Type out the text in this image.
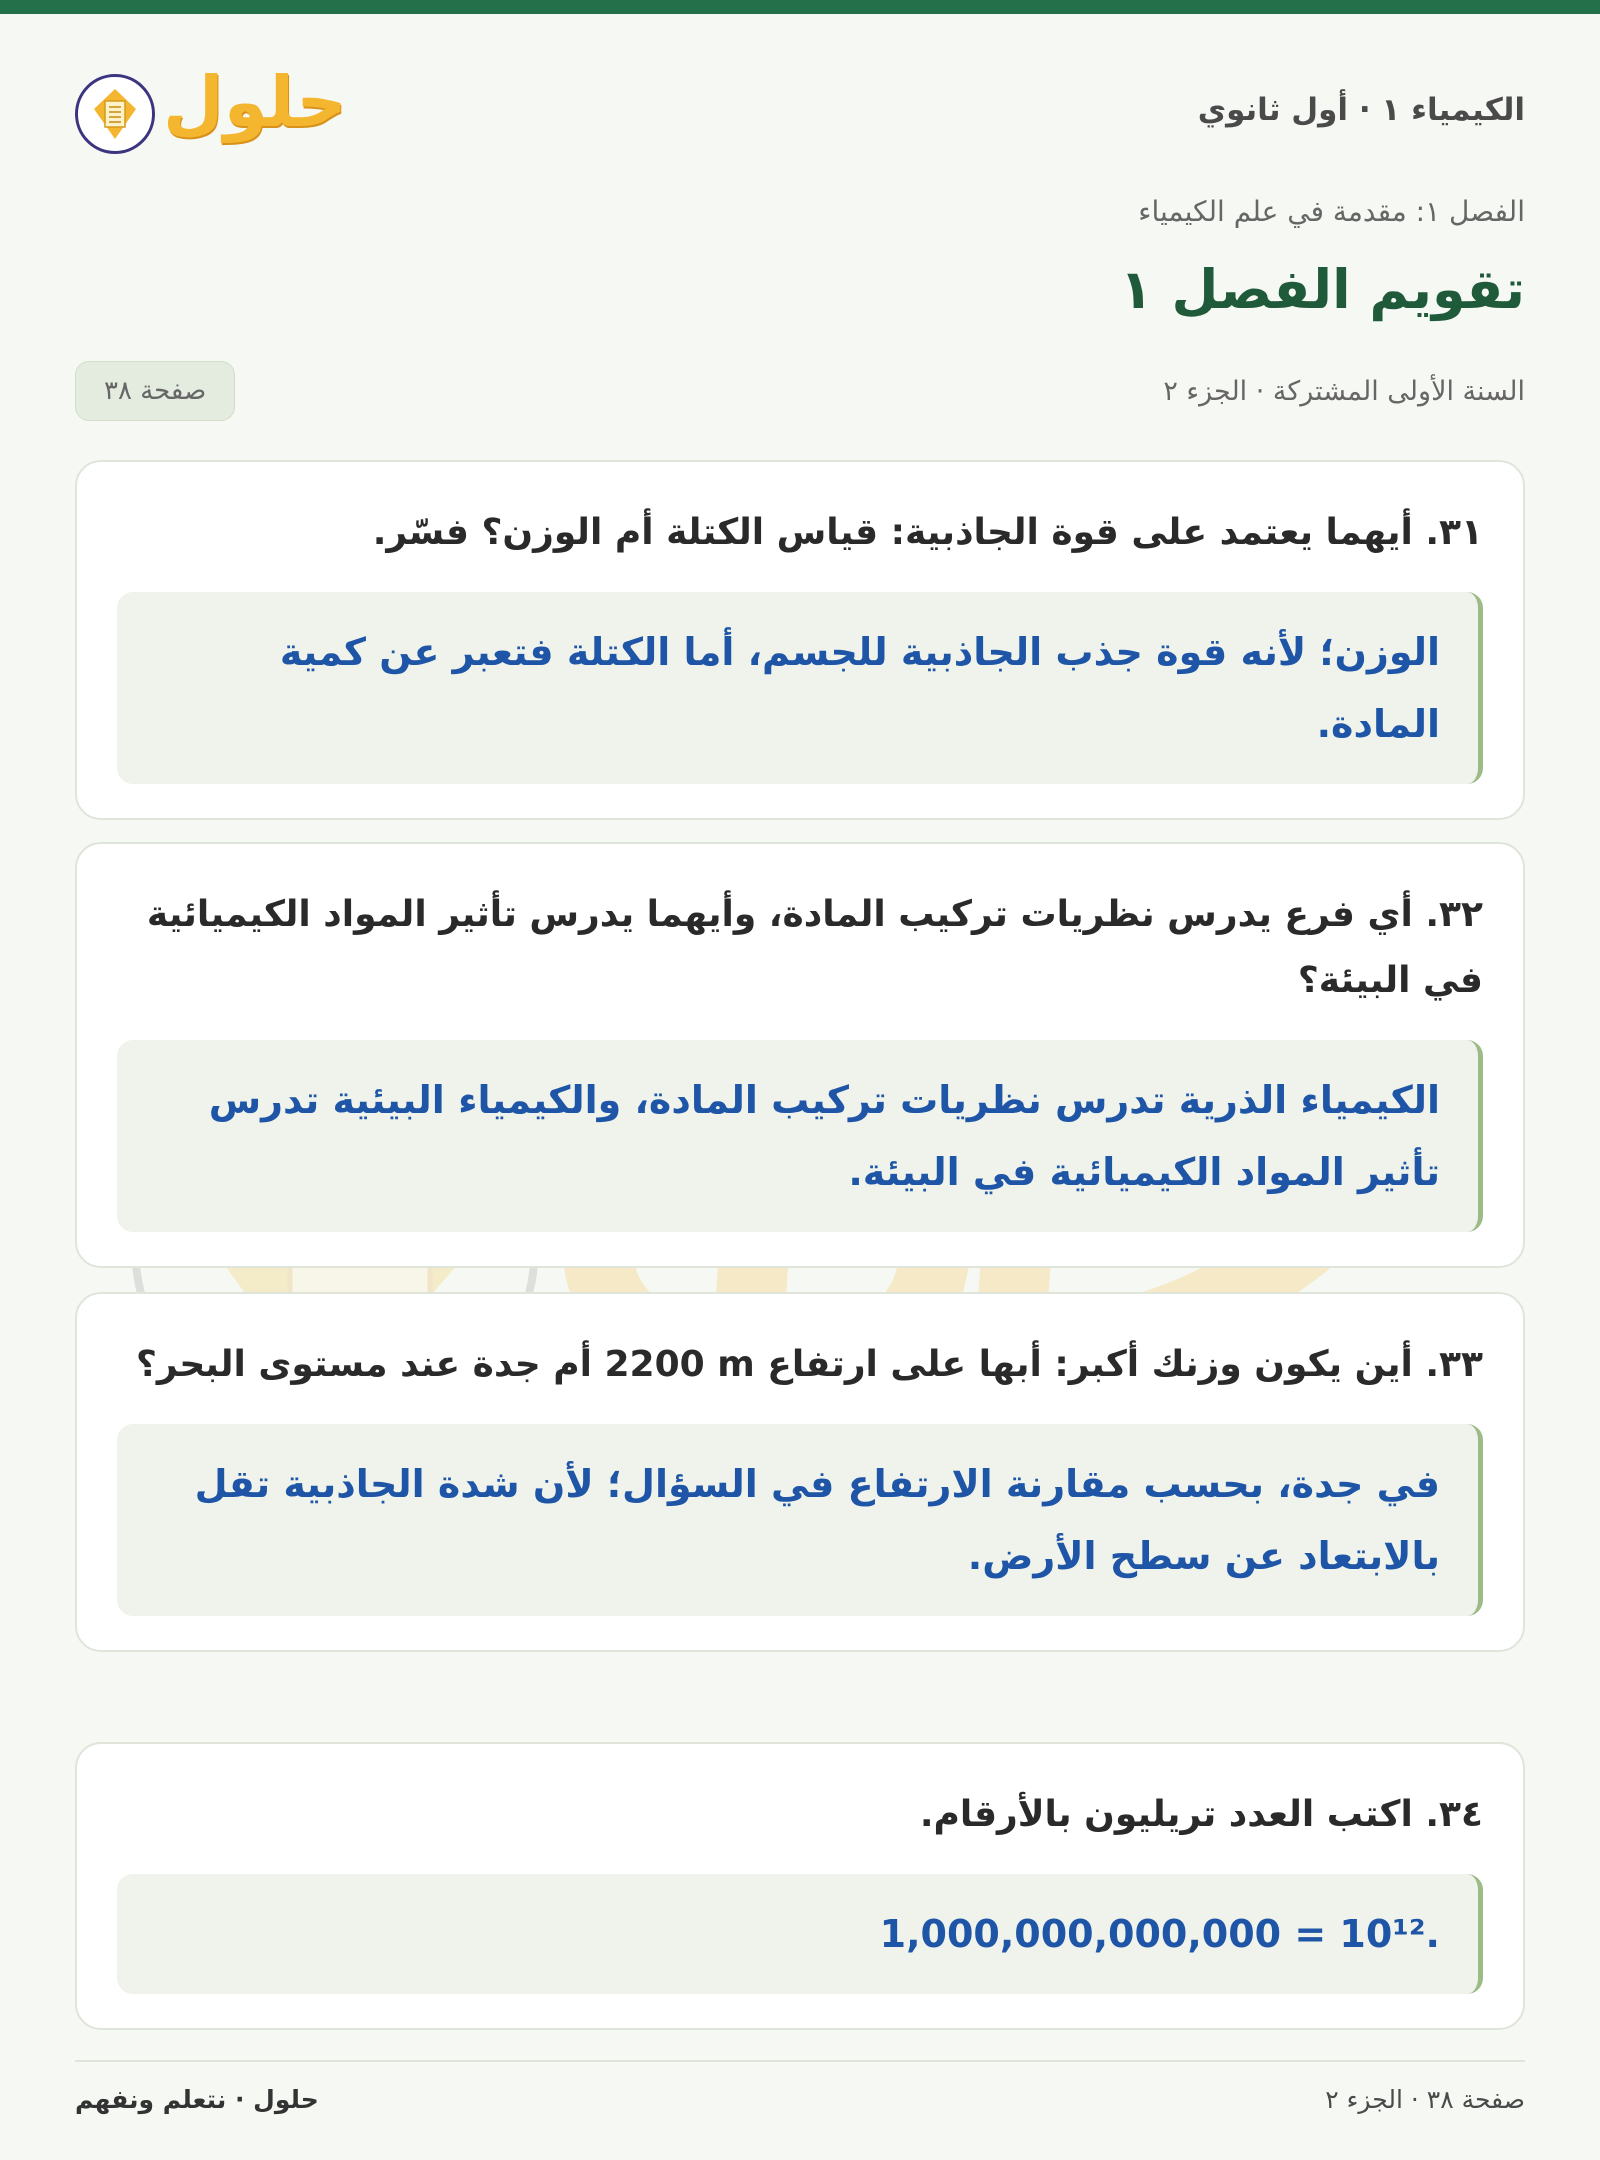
الكيمياء ١ · أول ثانوي
حلول
الفصل ١: مقدمة في علم الكيمياء
تقويم الفصل ١
السنة الأولى المشتركة · الجزء ٢
صفحة ٣٨

٣١. أيهما يعتمد على قوة الجاذبية: قياس الكتلة أم الوزن؟ فسّر.

الوزن؛ لأنه قوة جذب الجاذبية للجسم، أما الكتلة فتعبر عن كمية المادة.

٣٢. أي فرع يدرس نظريات تركيب المادة، وأيهما يدرس تأثير المواد الكيميائية في البيئة؟

الكيمياء الذرية تدرس نظريات تركيب المادة، والكيمياء البيئية تدرس تأثير المواد الكيميائية في البيئة.

٣٣. أين يكون وزنك أكبر: أبها على ارتفاع 2200 m أم جدة عند مستوى البحر؟

في جدة، بحسب مقارنة الارتفاع في السؤال؛ لأن شدة الجاذبية تقل بالابتعاد عن سطح الأرض.

٣٤. اكتب العدد تريليون بالأرقام.

1,000,000,000,000 = 10¹².
صفحة ٣٨ · الجزء ٢
حلول · نتعلم ونفهم
